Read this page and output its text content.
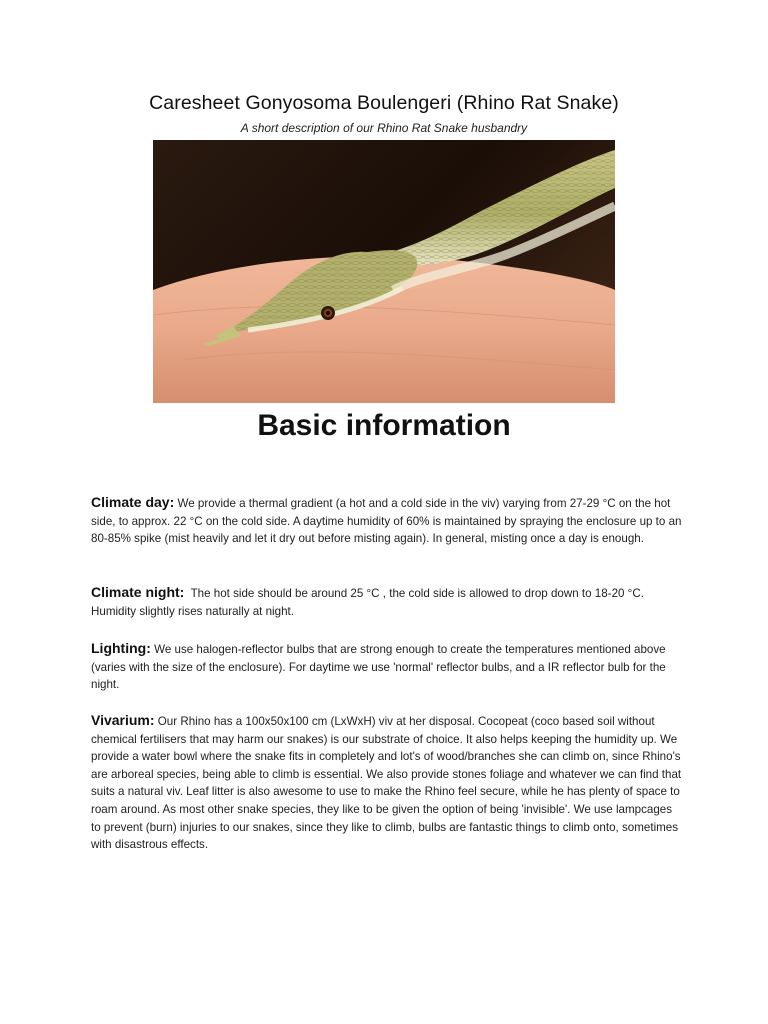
Caresheet Gonyosoma Boulengeri (Rhino Rat Snake)

A short description of our Rhino Rat Snake husbandry

Basic information

Climate day: We provide a thermal gradient (a hot and a cold side in the viv) varying from 27-29 °C on the hot side, to approx. 22 °C on the cold side. A daytime humidity of 60% is maintained by spraying the enclosure up to an 80-85% spike (mist heavily and let it dry out before misting again). In general, misting once a day is enough.

Climate night: The hot side should be around 25 °C , the cold side is allowed to drop down to 18-20 °C. Humidity slightly rises naturally at night.

Lighting: We use halogen-reflector bulbs that are strong enough to create the temperatures mentioned above (varies with the size of the enclosure). For daytime we use 'normal' reflector bulbs, and a IR reflector bulb for the night.

Vivarium: Our Rhino has a 100x50x100 cm (LxWxH) viv at her disposal. Cocopeat (coco based soil without chemical fertilisers that may harm our snakes) is our substrate of choice. It also helps keeping the humidity up. We provide a water bowl where the snake fits in completely and lot's of wood/branches she can climb on, since Rhino's are arboreal species, being able to climb is essential. We also provide stones foliage and whatever we can find that suits a natural viv. Leaf litter is also awesome to use to make the Rhino feel secure, while he has plenty of space to roam around. As most other snake species, they like to be given the option of being 'invisible'. We use lampcages to prevent (burn) injuries to our snakes, since they like to climb, bulbs are fantastic things to climb onto, sometimes with disastrous effects.
